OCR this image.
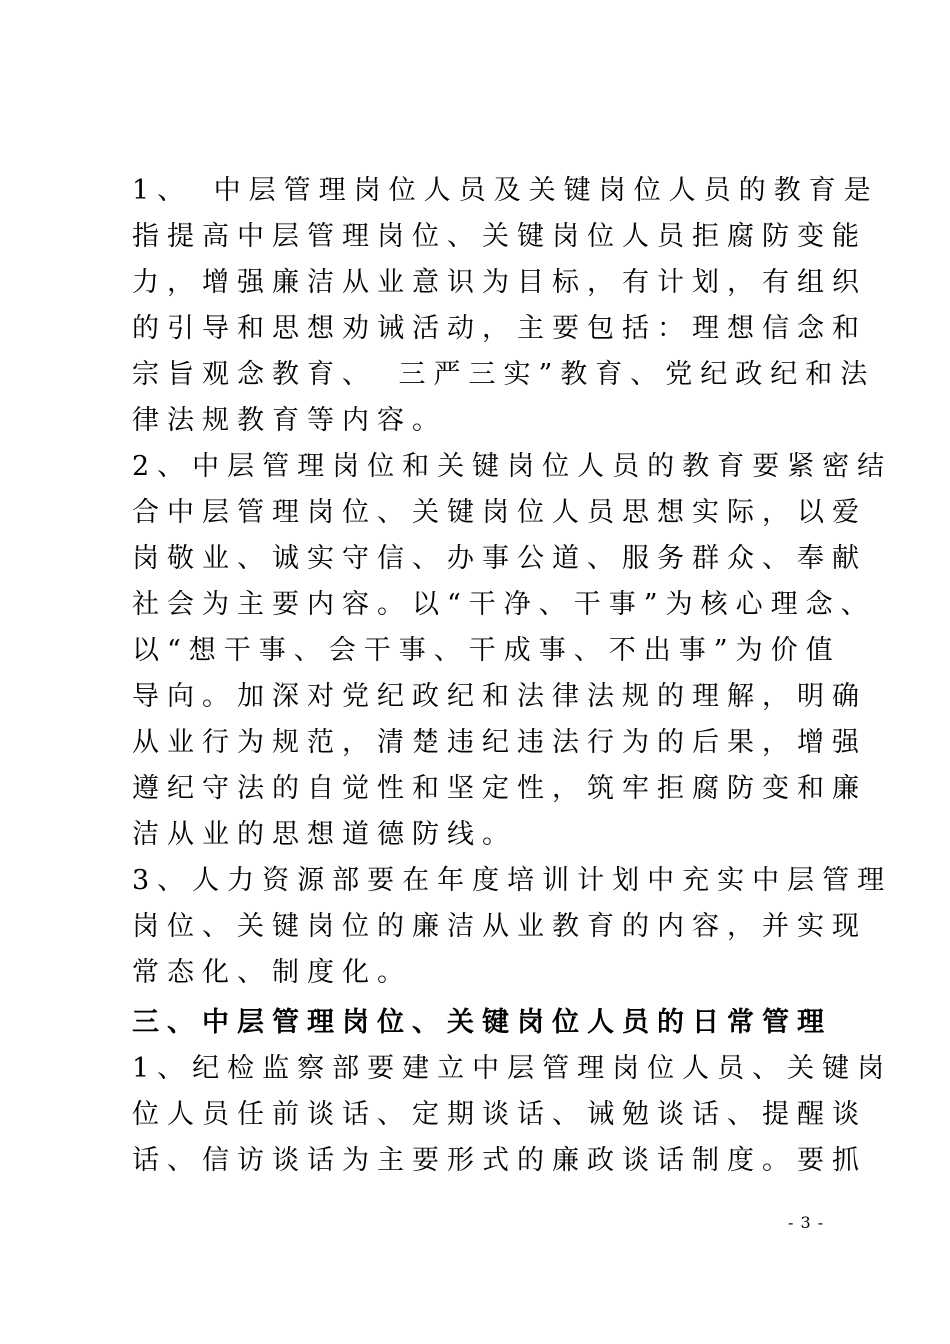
1、　中层管理岗位人员及关键岗位人员的教育是
指提高中层管理岗位、关键岗位人员拒腐防变能
力，增强廉洁从业意识为目标，有计划，有组织
的引导和思想劝诫活动，主要包括：理想信念和
宗旨观念教育、　三严三实”教育、党纪政纪和法
律法规教育等内容。
2、中层管理岗位和关键岗位人员的教育要紧密结
合中层管理岗位、关键岗位人员思想实际，以爱
岗敬业、诚实守信、办事公道、服务群众、奉献
社会为主要内容。以“干净、干事”为核心理念、
以“想干事、会干事、干成事、不出事”为价值
导向。加深对党纪政纪和法律法规的理解，明确
从业行为规范，清楚违纪违法行为的后果，增强
遵纪守法的自觉性和坚定性，筑牢拒腐防变和廉
洁从业的思想道德防线。
3、人力资源部要在年度培训计划中充实中层管理
岗位、关键岗位的廉洁从业教育的内容，并实现
常态化、制度化。
三、中层管理岗位、关键岗位人员的日常管理
1、纪检监察部要建立中层管理岗位人员、关键岗
位人员任前谈话、定期谈话、诫勉谈话、提醒谈
话、信访谈话为主要形式的廉政谈话制度。要抓
- 3 -
